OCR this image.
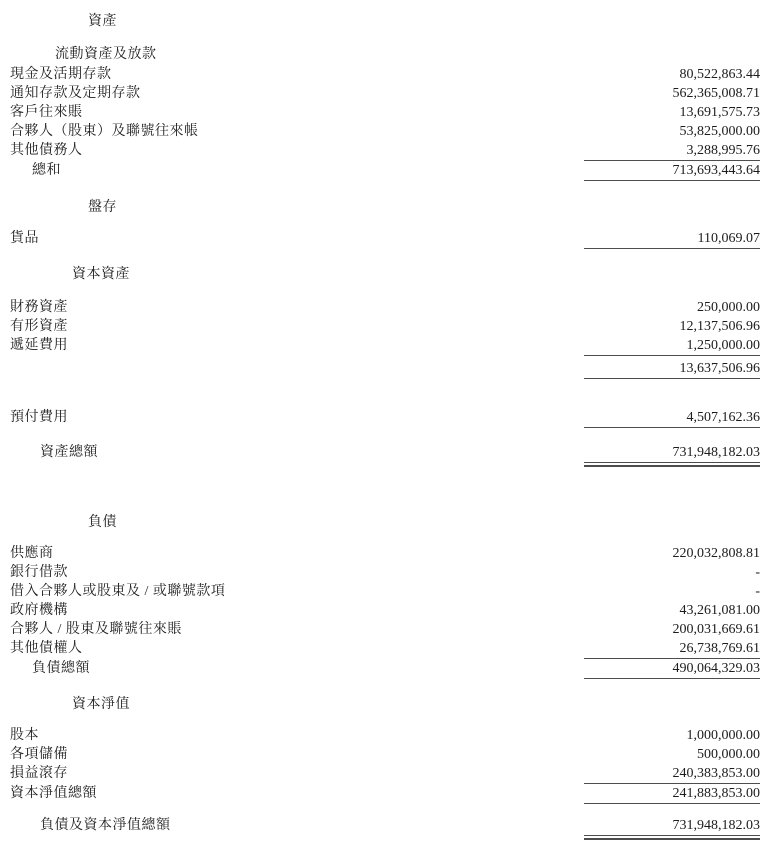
資產
流動資產及放款
現金及活期存款	80,522,863.44
通知存款及定期存款	562,365,008.71
客戶往來賬	13,691,575.73
合夥人（股東）及聯號往來帳	53,825,000.00
其他債務人	3,288,995.76
總和	713,693,443.64
盤存
貨品	110,069.07
資本資產
財務資產	250,000.00
有形資產	12,137,506.96
遞延費用	1,250,000.00
13,637,506.96
預付費用	4,507,162.36
資產總額	731,948,182.03
負債
供應商	220,032,808.81
銀行借款	-
借入合夥人或股東及 / 或聯號款項	-
政府機構	43,261,081.00
合夥人 / 股東及聯號往來賬	200,031,669.61
其他債權人	26,738,769.61
負債總額	490,064,329.03
資本淨值
股本	1,000,000.00
各項儲備	500,000.00
損益滾存	240,383,853.00
資本淨值總額	241,883,853.00
負債及資本淨值總額	731,948,182.03
